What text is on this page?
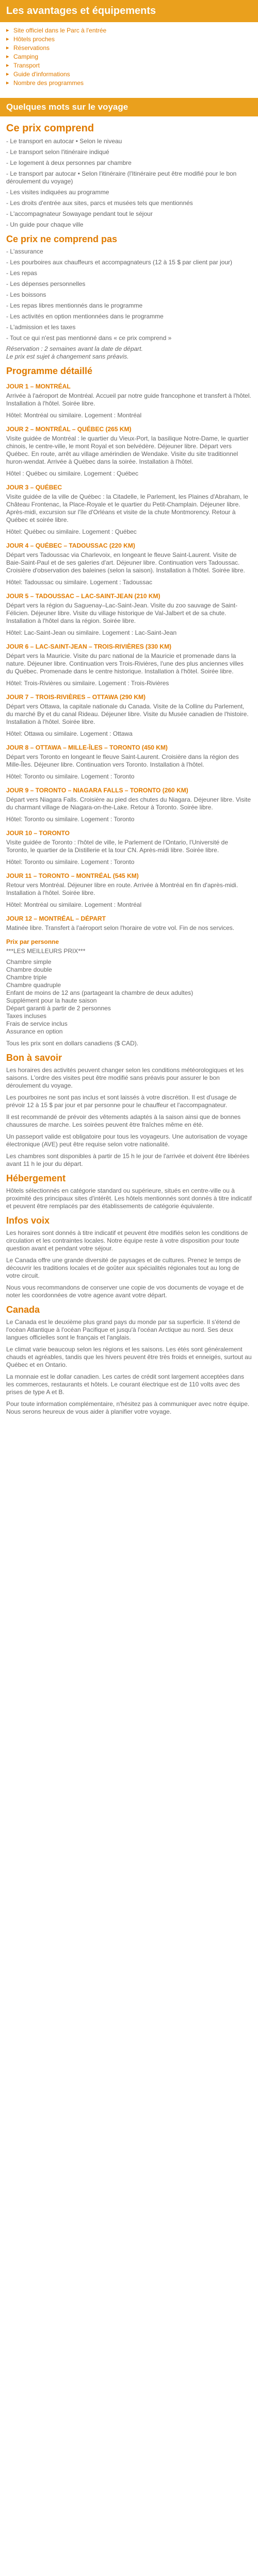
Les avantages et équipements
▸ Site officiel dans le Parc à l'entrée
▸ Hôtels proches
▸ Réservations
▸ Camping
▸ Transport
▸ Guide d'informations
▸ Nombre des programmes
Quelques mots sur le voyage
Ce prix comprend
- Le transport en autocar • Selon le niveau
- Le transport selon l'itinéraire indiqué
- Le logement à deux personnes par chambre
- Le transport par autocar • Selon l'itinéraire (l'Itinéraire peut être modifié pour le bon déroulement du voyage)
- Les visites indiquées au programme
- Les droits d'entrée aux sites, parcs et musées tels que mentionnés
- L'accompagnateur Sowayage pendant tout le séjour
- Un guide pour chaque ville
Ce prix ne comprend pas
- L'assurance
- Les pourboires aux chauffeurs et accompagnateurs (12 à 15 $ par client par jour)
- Les repas
- Les dépenses personnelles
- Les boissons
- Les repas libres mentionnés dans le programme
- Les activités en option mentionnées dans le programme
- L'admission et les taxes
- Tout ce qui n'est pas mentionné dans « ce prix comprend »
Réservation : 2 semaines avant la date de départ.
Le prix est sujet à changement sans préavis.
Programme détaillé
JOUR 1 – MONTRÉAL
Arrivée à l'aéroport de Montréal. Accueil par notre guide francophone et transfert à l'hôtel. Installation à l'hôtel. Soirée libre.
Hôtel: Montréal ou similaire. Logement : Montréal
JOUR 2 – MONTRÉAL – QUÉBEC (265 KM)
Visite guidée de Montréal : le quartier du Vieux-Port, la basilique Notre-Dame, le quartier chinois, le centre-ville, le mont Royal et son belvédère. Déjeuner libre. Départ vers Québec. En route, arrêt au village amérindien de Wendake. Visite du site traditionnel huron-wendat. Arrivée à Québec dans la soirée. Installation à l'hôtel.
Hôtel : Québec ou similaire. Logement : Québec
JOUR 3 – QUÉBEC
Visite guidée de la ville de Québec : la Citadelle, le Parlement, les Plaines d'Abraham, le Château Frontenac, la Place-Royale et le quartier du Petit-Champlain. Déjeuner libre. Après-midi, excursion sur l'île d'Orléans et visite de la chute Montmorency. Retour à Québec et soirée libre.
Hôtel: Québec ou similaire. Logement : Québec
JOUR 4 – QUÉBEC – TADOUSSAC (220 KM)
Départ vers Tadoussac via Charlevoix, en longeant le fleuve Saint-Laurent. Visite de Baie-Saint-Paul et de ses galeries d'art. Déjeuner libre. Continuation vers Tadoussac. Croisière d'observation des baleines (selon la saison). Installation à l'hôtel. Soirée libre.
Hôtel: Tadoussac ou similaire. Logement : Tadoussac
JOUR 5 – TADOUSSAC – LAC-SAINT-JEAN (210 KM)
Départ vers la région du Saguenay–Lac-Saint-Jean. Visite du zoo sauvage de Saint-Félicien. Déjeuner libre. Visite du village historique de Val-Jalbert et de sa chute. Installation à l'hôtel dans la région. Soirée libre.
Hôtel: Lac-Saint-Jean ou similaire. Logement : Lac-Saint-Jean
JOUR 6 – LAC-SAINT-JEAN – TROIS-RIVIÈRES (330 KM)
Départ vers la Mauricie. Visite du parc national de la Mauricie et promenade dans la nature. Déjeuner libre. Continuation vers Trois-Rivières, l'une des plus anciennes villes du Québec. Promenade dans le centre historique. Installation à l'hôtel. Soirée libre.
Hôtel: Trois-Rivières ou similaire. Logement : Trois-Rivières
JOUR 7 – TROIS-RIVIÈRES – OTTAWA (290 KM)
Départ vers Ottawa, la capitale nationale du Canada. Visite de la Colline du Parlement, du marché By et du canal Rideau. Déjeuner libre. Visite du Musée canadien de l'histoire. Installation à l'hôtel. Soirée libre.
Hôtel: Ottawa ou similaire. Logement : Ottawa
JOUR 8 – OTTAWA – MILLE-ÎLES – TORONTO (450 KM)
Départ vers Toronto en longeant le fleuve Saint-Laurent. Croisière dans la région des Mille-Îles. Déjeuner libre. Continuation vers Toronto. Installation à l'hôtel.
Hôtel: Toronto ou similaire. Logement : Toronto
JOUR 9 – TORONTO – NIAGARA FALLS – TORONTO (260 KM)
Départ vers Niagara Falls. Croisière au pied des chutes du Niagara. Déjeuner libre. Visite du charmant village de Niagara-on-the-Lake. Retour à Toronto. Soirée libre.
Hôtel: Toronto ou similaire. Logement : Toronto
JOUR 10 – TORONTO
Visite guidée de Toronto : l'hôtel de ville, le Parlement de l'Ontario, l'Université de Toronto, le quartier de la Distillerie et la tour CN. Après-midi libre. Soirée libre.
Hôtel: Toronto ou similaire. Logement : Toronto
JOUR 11 – TORONTO – MONTRÉAL (545 KM)
Retour vers Montréal. Déjeuner libre en route. Arrivée à Montréal en fin d'après-midi. Installation à l'hôtel. Soirée libre.
Hôtel: Montréal ou similaire. Logement : Montréal
JOUR 12 – MONTRÉAL – DÉPART
Matinée libre. Transfert à l'aéroport selon l'horaire de votre vol. Fin de nos services.
Prix par personne
***LES MEILLEURS PRIX***
Chambre simple
Chambre double
Chambre triple
Chambre quadruple
Enfant de moins de 12 ans (partageant la chambre de deux adultes)
Supplément pour la haute saison
Départ garanti à partir de 2 personnes
Taxes incluses
Frais de service inclus
Assurance en option
Tous les prix sont en dollars canadiens ($ CAD).
Bon à savoir
Les horaires des activités peuvent changer selon les conditions météorologiques et les saisons. L'ordre des visites peut être modifié sans préavis pour assurer le bon déroulement du voyage.
Les pourboires ne sont pas inclus et sont laissés à votre discrétion. Il est d'usage de prévoir 12 à 15 $ par jour et par personne pour le chauffeur et l'accompagnateur.
Il est recommandé de prévoir des vêtements adaptés à la saison ainsi que de bonnes chaussures de marche. Les soirées peuvent être fraîches même en été.
Un passeport valide est obligatoire pour tous les voyageurs. Une autorisation de voyage électronique (AVE) peut être requise selon votre nationalité.
Les chambres sont disponibles à partir de 15 h le jour de l'arrivée et doivent être libérées avant 11 h le jour du départ.
Hébergement
Hôtels sélectionnés en catégorie standard ou supérieure, situés en centre-ville ou à proximité des principaux sites d'intérêt. Les hôtels mentionnés sont donnés à titre indicatif et peuvent être remplacés par des établissements de catégorie équivalente.
Infos voix
Les horaires sont donnés à titre indicatif et peuvent être modifiés selon les conditions de circulation et les contraintes locales. Notre équipe reste à votre disposition pour toute question avant et pendant votre séjour.
Le Canada offre une grande diversité de paysages et de cultures. Prenez le temps de découvrir les traditions locales et de goûter aux spécialités régionales tout au long de votre circuit.
Nous vous recommandons de conserver une copie de vos documents de voyage et de noter les coordonnées de votre agence avant votre départ.
Canada
Le Canada est le deuxième plus grand pays du monde par sa superficie. Il s'étend de l'océan Atlantique à l'océan Pacifique et jusqu'à l'océan Arctique au nord. Ses deux langues officielles sont le français et l'anglais.
Le climat varie beaucoup selon les régions et les saisons. Les étés sont généralement chauds et agréables, tandis que les hivers peuvent être très froids et enneigés, surtout au Québec et en Ontario.
La monnaie est le dollar canadien. Les cartes de crédit sont largement acceptées dans les commerces, restaurants et hôtels. Le courant électrique est de 110 volts avec des prises de type A et B.
Pour toute information complémentaire, n'hésitez pas à communiquer avec notre équipe. Nous serons heureux de vous aider à planifier votre voyage.
